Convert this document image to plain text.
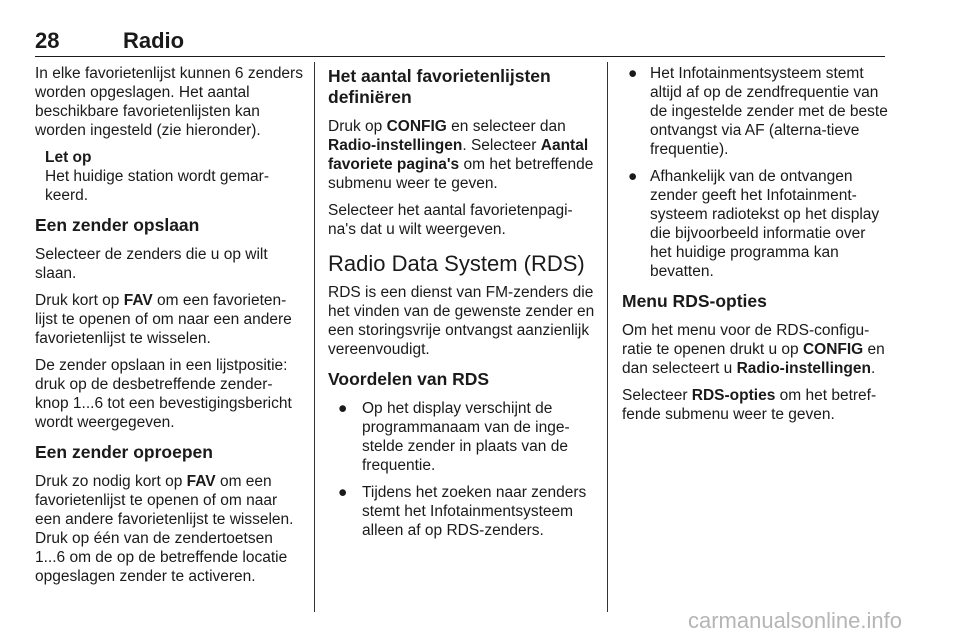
28	Radio

In elke favorietenlijst kunnen 6 zenders worden opgeslagen. Het aantal beschikbare favorietenlijsten kan worden ingesteld (zie hieronder).

Let op
Het huidige station wordt gemar-keerd.
Een zender opslaan

Selecteer de zenders die u op wilt slaan.

Druk kort op FAV om een favorieten-lijst te openen of om naar een andere favorietenlijst te wisselen.

De zender opslaan in een lijstpositie: druk op de desbetreffende zender-knop 1...6 tot een bevestigingsbericht wordt weergegeven.

Een zender oproepen

Druk zo nodig kort op FAV om een favorietenlijst te openen of om naar een andere favorietenlijst te wisselen. Druk op één van de zendertoetsen 1...6 om de op de betreffende locatie opgeslagen zender te activeren.

Het aantal favorietenlijsten definiëren

Druk op CONFIG en selecteer dan Radio-instellingen. Selecteer Aantal favoriete pagina's om het betreffende submenu weer te geven.

Selecteer het aantal favorietenpagi-na's dat u wilt weergeven.

Radio Data System (RDS)

RDS is een dienst van FM-zenders die het vinden van de gewenste zender en een storingsvrije ontvangst aanzienlijk vereenvoudigt.

Voordelen van RDS
● Op het display verschijnt de programmanaam van de inge-stelde zender in plaats van de frequentie.
● Tijdens het zoeken naar zenders stemt het Infotainmentsysteem alleen af op RDS-zenders.
● Het Infotainmentsysteem stemt altijd af op de zendfrequentie van de ingestelde zender met de beste ontvangst via AF (alterna-tieve frequentie).
● Afhankelijk van de ontvangen zender geeft het Infotainment-systeem radiotekst op het display die bijvoorbeeld informatie over het huidige programma kan bevatten.
Menu RDS-opties

Om het menu voor de RDS-configu-ratie te openen drukt u op CONFIG en dan selecteert u Radio-instellingen.

Selecteer RDS-opties om het betref-fende submenu weer te geven.

carmanualsonline.info
